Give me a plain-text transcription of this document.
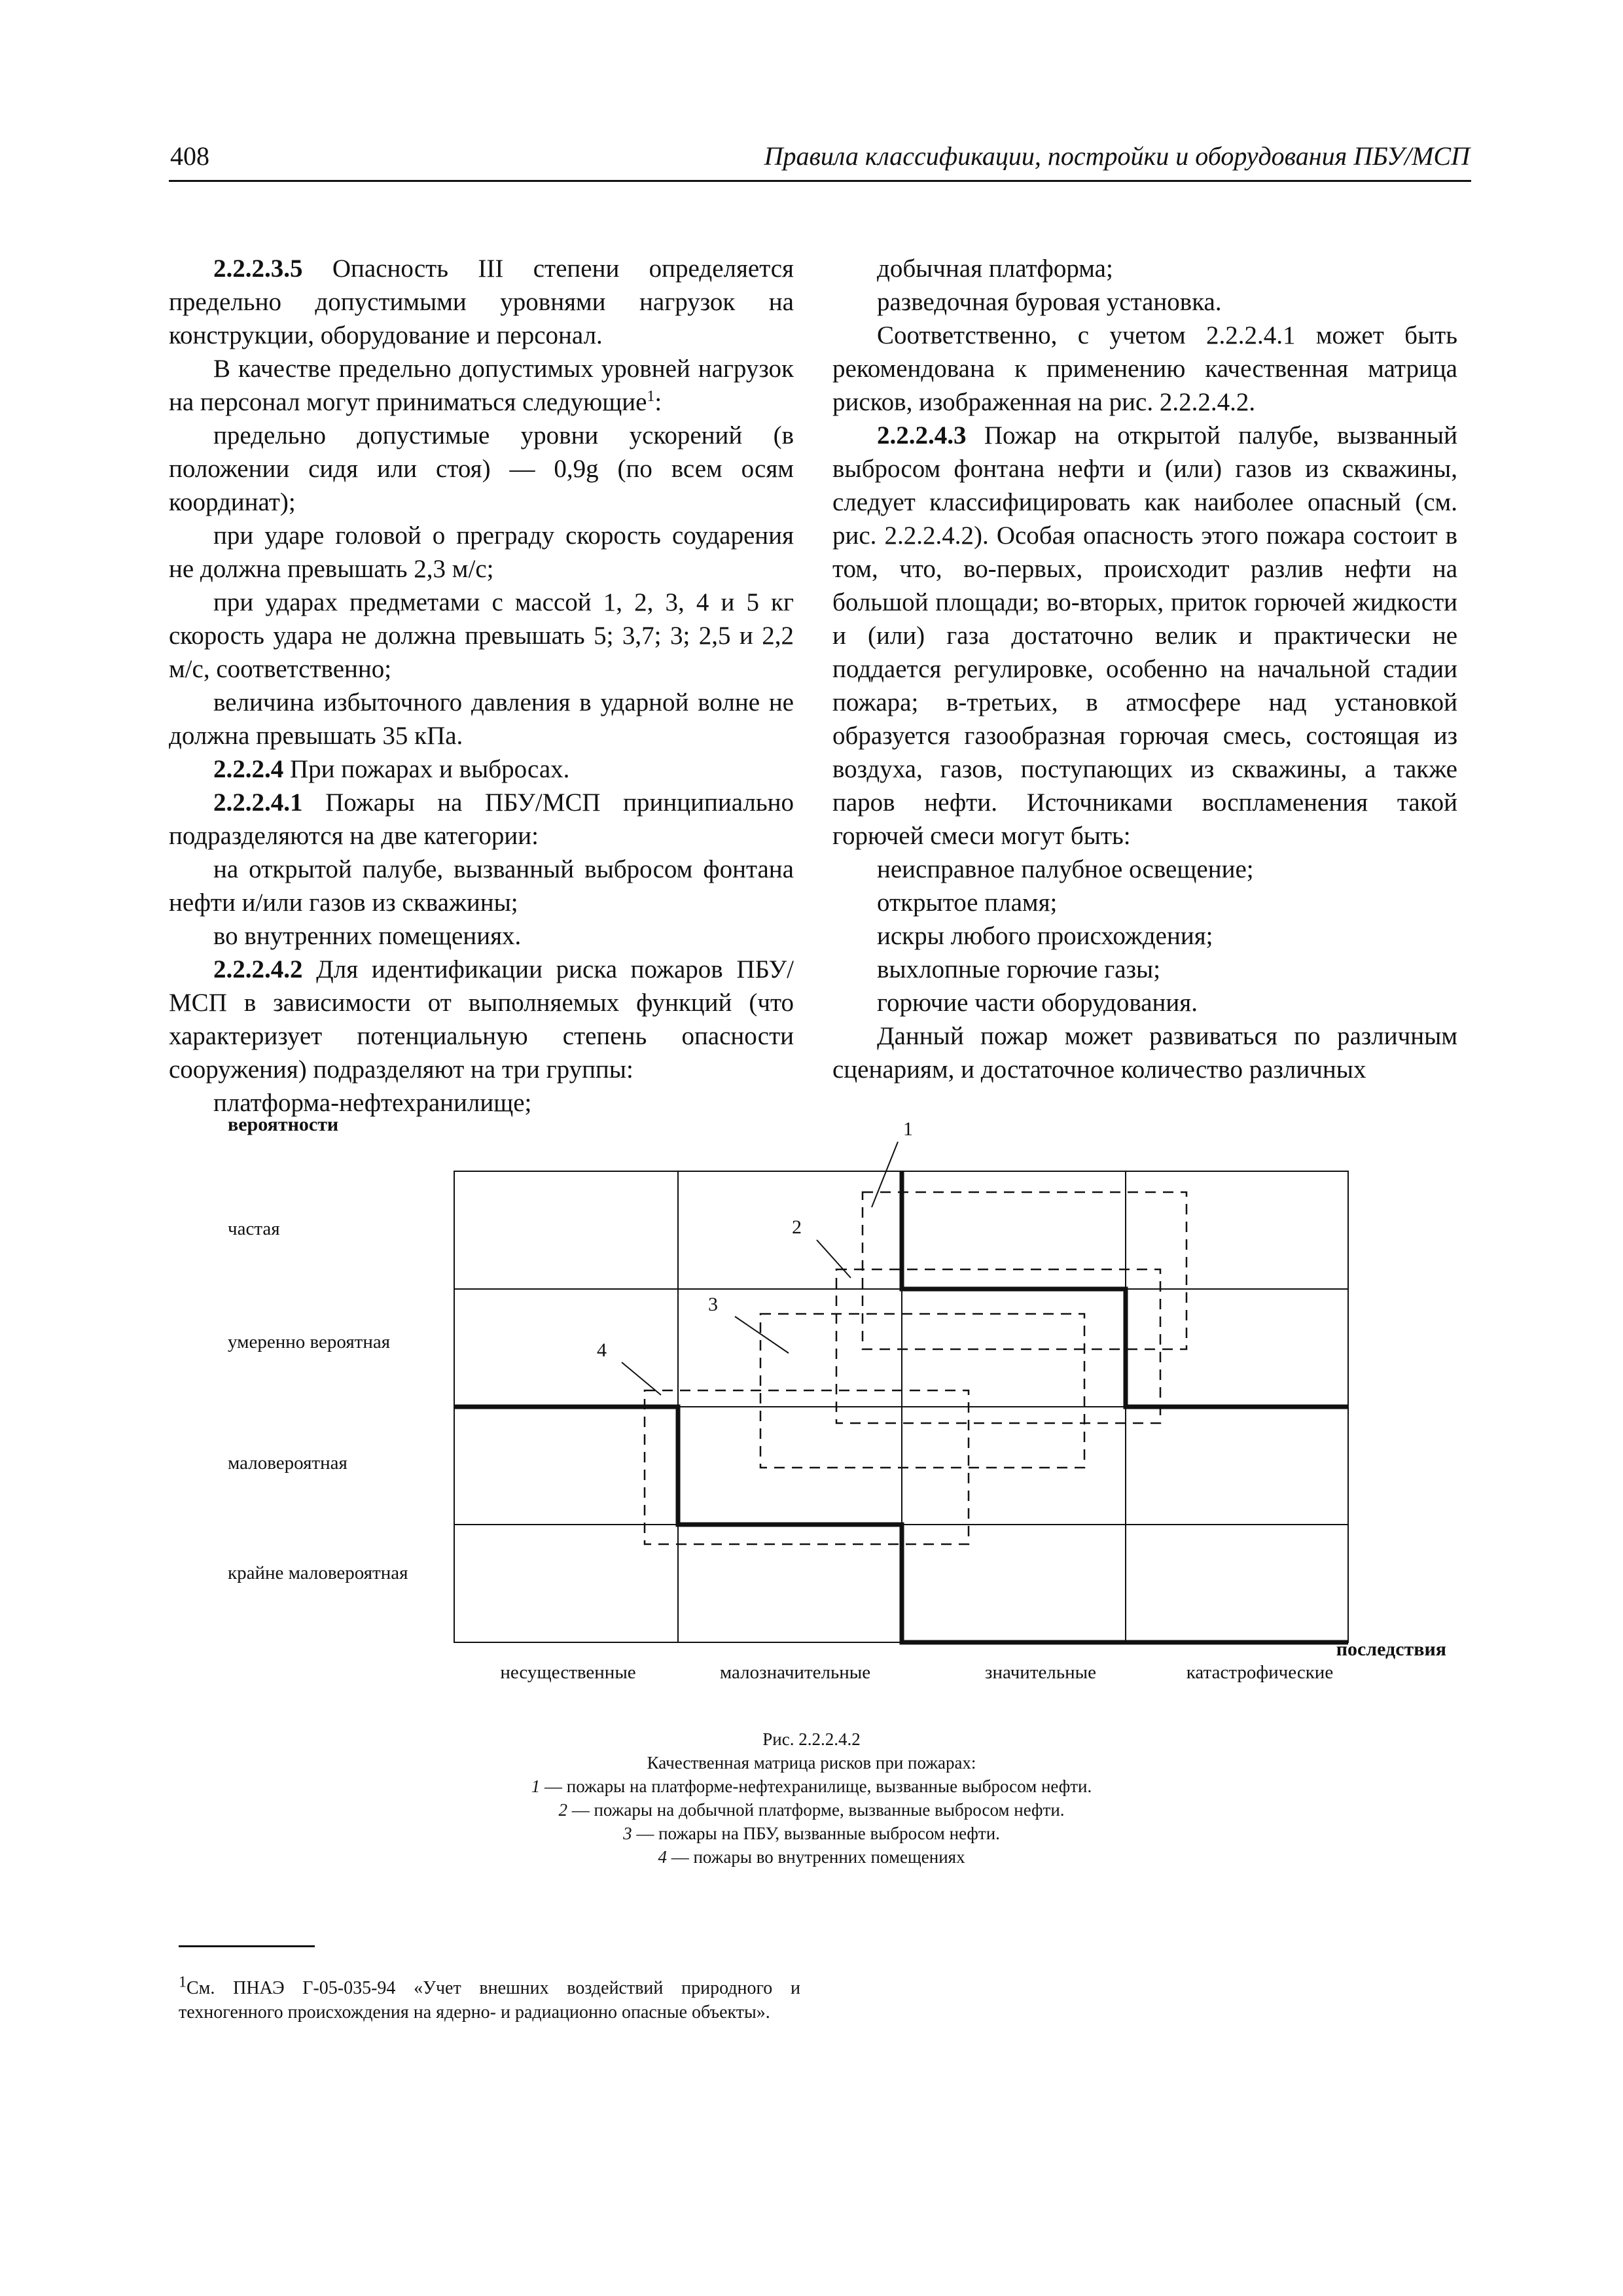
408	Правила классификации, постройки и оборудования ПБУ/МСП

2.2.2.3.5 Опасность III степени определяется предельно допустимыми уровнями нагрузок на конструкции, оборудование и персонал.

В качестве предельно допустимых уровней нагрузок на персонал могут приниматься следующие$^1$:

предельно допустимые уровни ускорений (в положении сидя или стоя) — 0,9g (по всем осям координат);

при ударе головой о преграду скорость соударения не должна превышать 2,3 м/с;

при ударах предметами с массой 1, 2, 3, 4 и 5 кг скорость удара не должна превышать 5; 3,7; 3; 2,5 и 2,2 м/с, соответственно;

величина избыточного давления в ударной волне не должна превышать 35 кПа.

2.2.2.4 При пожарах и выбросах.

2.2.2.4.1 Пожары на ПБУ/МСП принципиально подразделяются на две категории:

на открытой палубе, вызванный выбросом фонтана нефти и/или газов из скважины;

во внутренних помещениях.

2.2.2.4.2 Для идентификации риска пожаров ПБУ/МСП в зависимости от выполняемых функций (что характеризует потенциальную степень опасности сооружения) подразделяют на три группы:

платформа-нефтехранилище;

добычная платформа;

разведочная буровая установка.

Соответственно, с учетом 2.2.2.4.1 может быть рекомендована к применению качественная матрица рисков, изображенная на рис. 2.2.2.4.2.

2.2.2.4.3 Пожар на открытой палубе, вызванный выбросом фонтана нефти и (или) газов из скважины, следует классифицировать как наиболее опасный (см. рис. 2.2.2.4.2). Особая опасность этого пожара состоит в том, что, во-первых, происходит разлив нефти на большой площади; во-вторых, приток горючей жидкости и (или) газа достаточно велик и практически не поддается регулировке, особенно на начальной стадии пожара; в-третьих, в атмосфере над установкой образуется газообразная горючая смесь, состоящая из воздуха, газов, поступающих из скважины, а также паров нефти. Источниками воспламенения такой горючей смеси могут быть:

неисправное палубное освещение;

открытое пламя;

искры любого происхождения;

выхлопные горючие газы;

горючие части оборудования.

Данный пожар может развиваться по различным сценариям, и достаточное количество различных

вероятности
последствия
частая
умеренно вероятная
маловероятная
крайне маловероятная
несущественные	малозначительные	значительные	катастрофические
1
2
3
4
Рис. 2.2.2.4.2
Качественная матрица рисков при пожарах:
1 — пожары на платформе-нефтехранилище, вызванные выбросом нефти.
2 — пожары на добычной платформе, вызванные выбросом нефти.
3 — пожары на ПБУ, вызванные выбросом нефти.
4 — пожары во внутренних помещениях
$^1$См. ПНАЭ Г-05-035-94 «Учет внешних воздействий природного и техногенного происхождения на ядерно- и радиационно опасные объекты».
